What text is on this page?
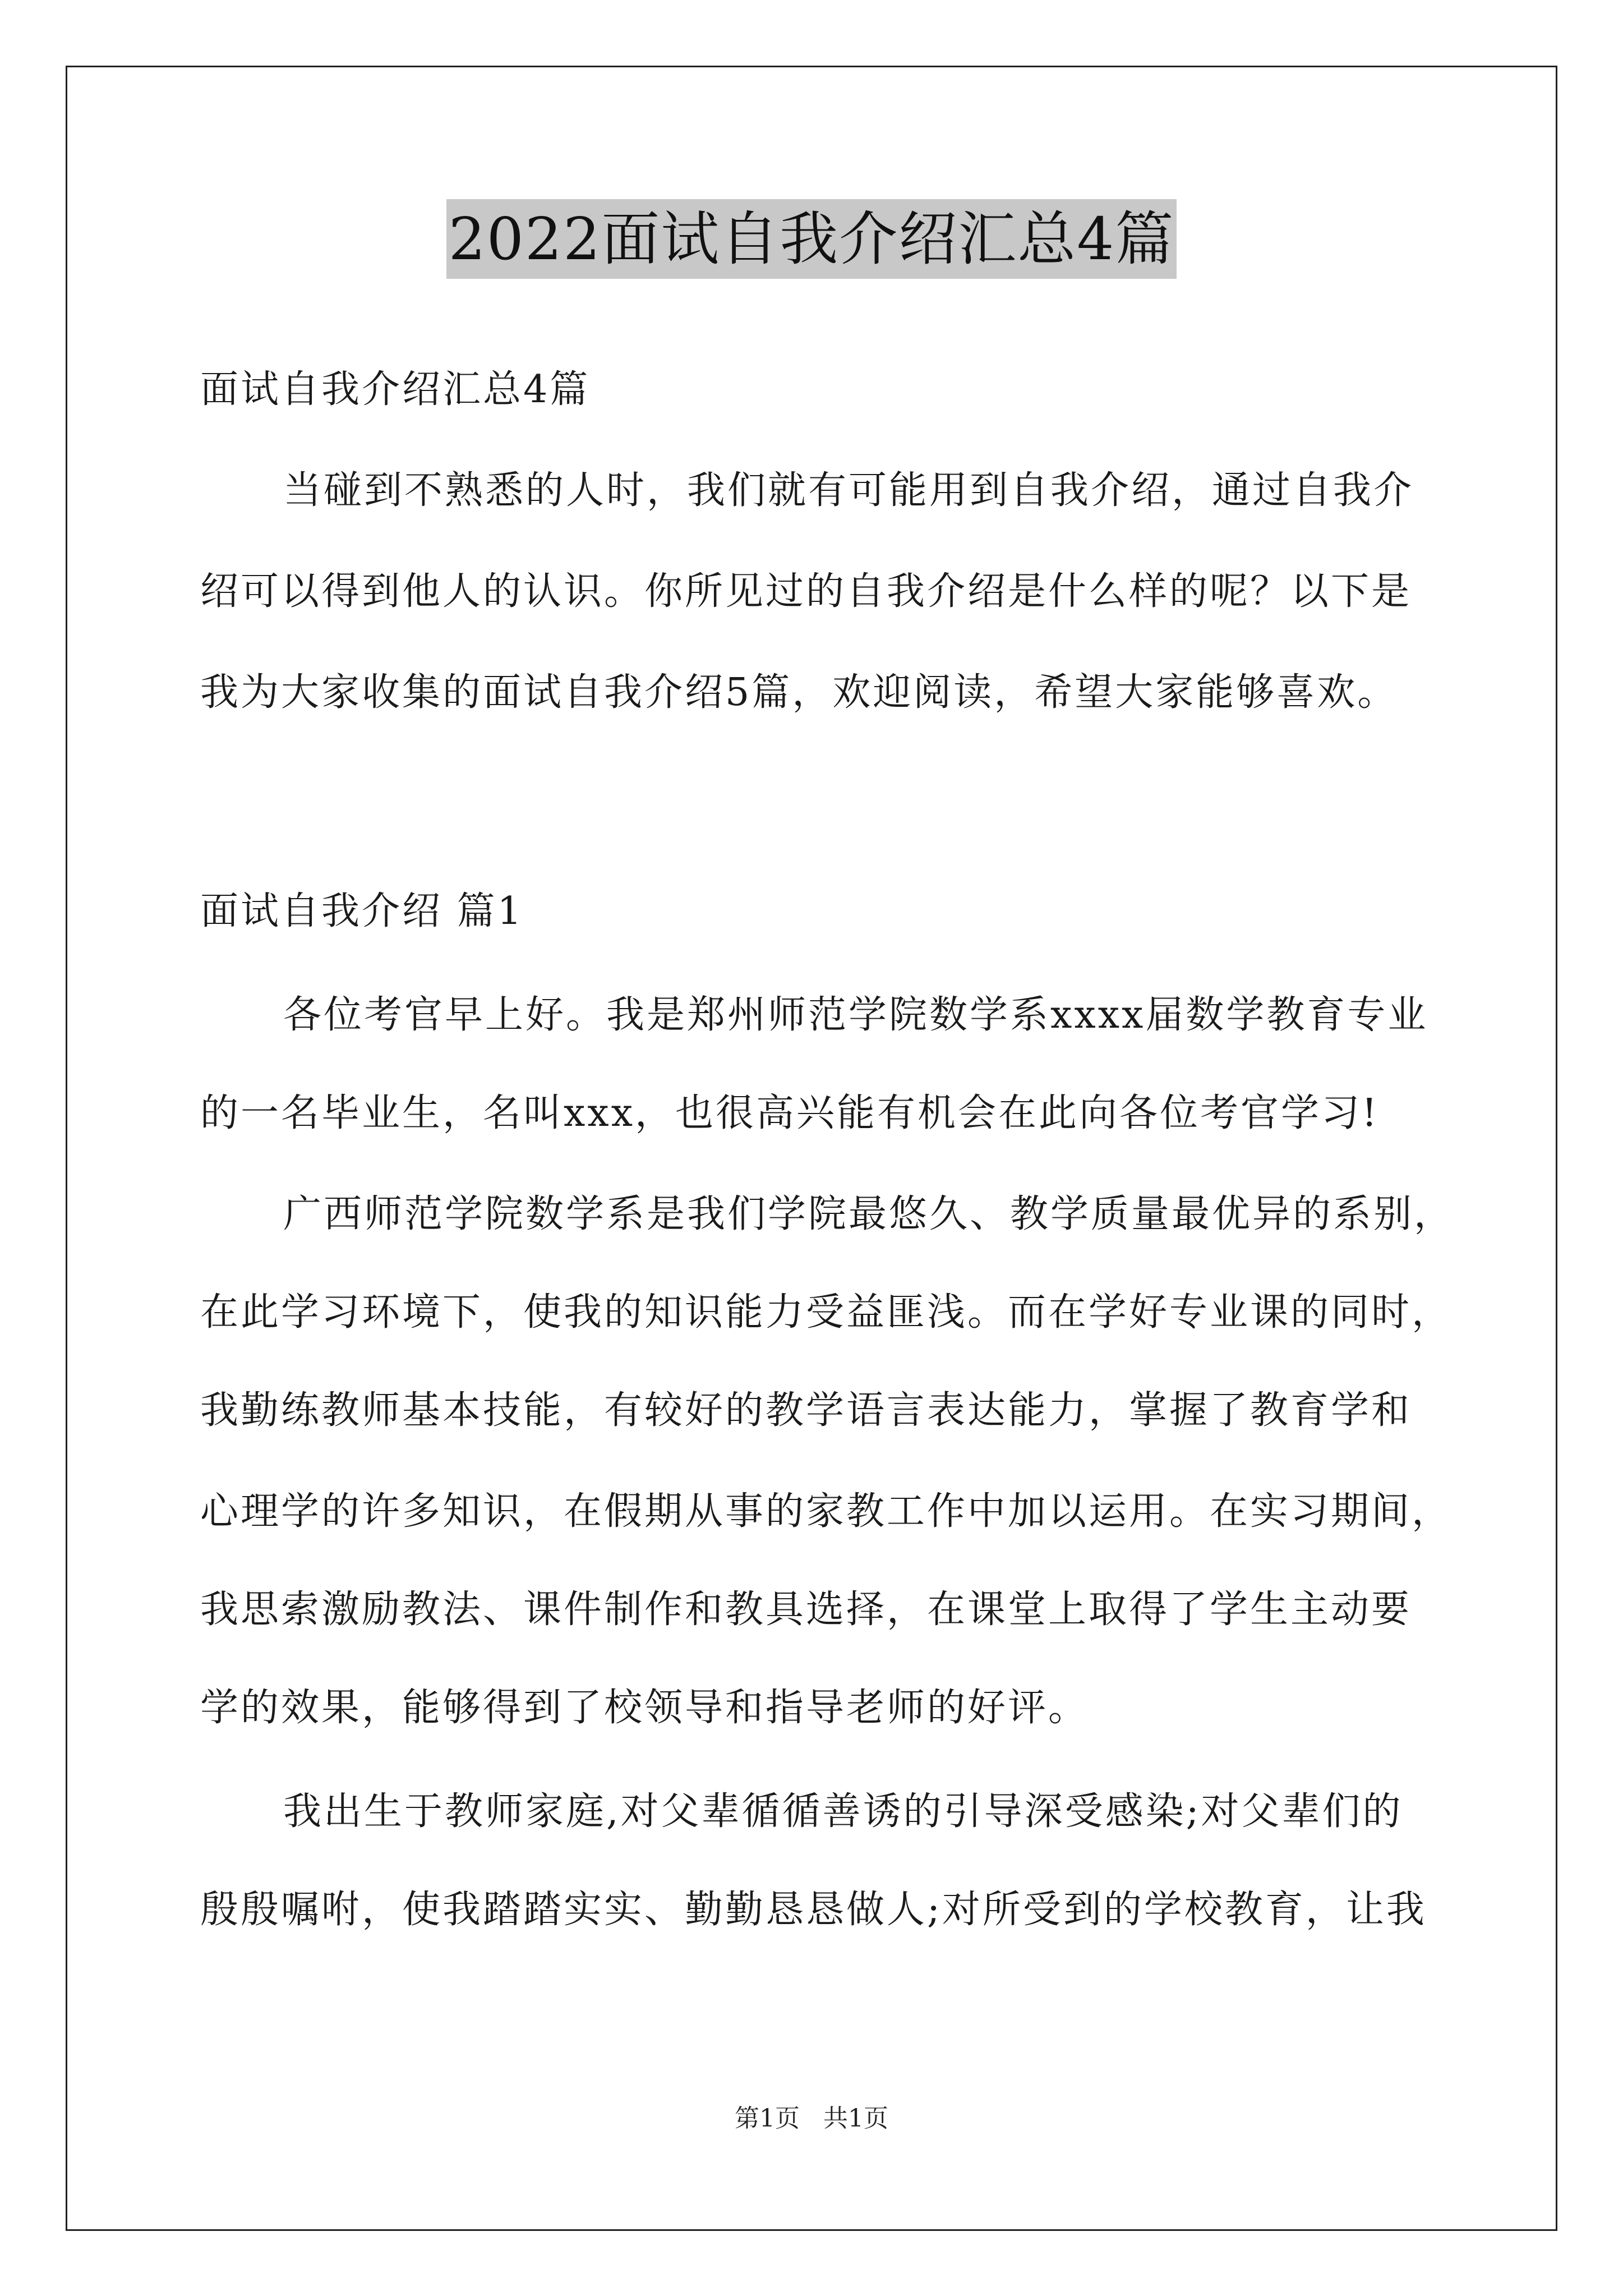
2022面试自我介绍汇总4篇
面试自我介绍汇总4篇
当碰到不熟悉的人时，我们就有可能用到自我介绍，通过自我介
绍可以得到他人的认识。你所见过的自我介绍是什么样的呢？以下是
我为大家收集的面试自我介绍5篇，欢迎阅读，希望大家能够喜欢。
面试自我介绍 篇1
各位考官早上好。我是郑州师范学院数学系xxxx届数学教育专业
的一名毕业生，名叫xxx，也很高兴能有机会在此向各位考官学习!
广西师范学院数学系是我们学院最悠久、教学质量最优异的系别，
在此学习环境下，使我的知识能力受益匪浅。而在学好专业课的同时，
我勤练教师基本技能，有较好的教学语言表达能力，掌握了教育学和
心理学的许多知识，在假期从事的家教工作中加以运用。在实习期间，
我思索激励教法、课件制作和教具选择，在课堂上取得了学生主动要
学的效果，能够得到了校领导和指导老师的好评。
我出生于教师家庭,对父辈循循善诱的引导深受感染;对父辈们的
殷殷嘱咐，使我踏踏实实、勤勤恳恳做人;对所受到的学校教育，让我
第1页 共1页
